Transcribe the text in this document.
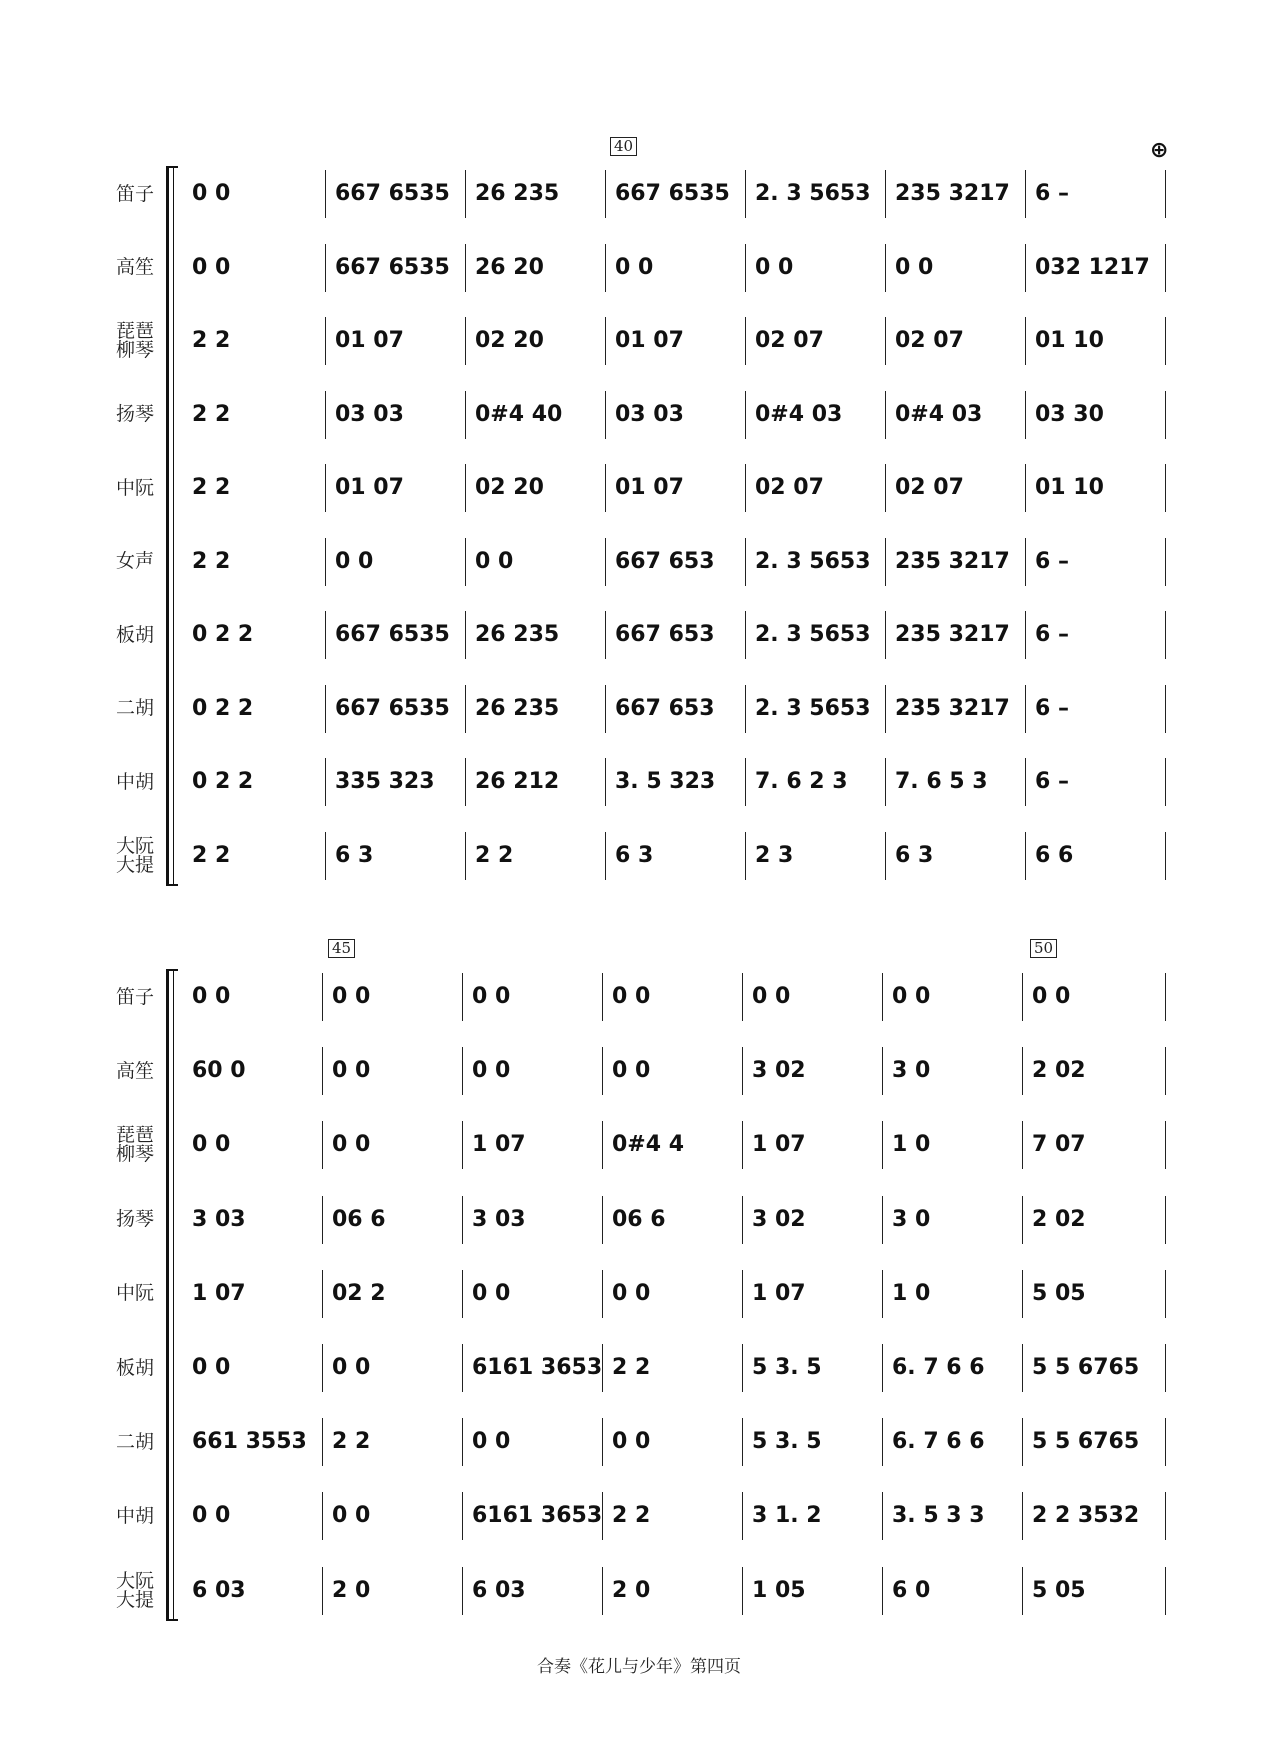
40
笛子
高笙
琵琶
柳琴
扬琴
中阮
女声
板胡
二胡
中胡
大阮
大提
0 0
0 0
2 2
2 2
2 2
2 2
0 2 2
0 2 2
0 2 2
2 2
667 6535
667 6535
01 07
03 03
01 07
0 0
667 6535
667 6535
335 323
6 3
26 235
26 20
02 20
0#4 40
02 20
0 0
26 235
26 235
26 212
2 2
667 6535
0 0
01 07
03 03
01 07
667 653
667 653
667 653
3. 5 323
6 3
2. 3 5653
0 0
02 07
0#4 03
02 07
2. 3 5653
2. 3 5653
2. 3 5653
7. 6 2 3
2 3
235 3217
0 0
02 07
0#4 03
02 07
235 3217
235 3217
235 3217
7. 6 5 3
6 3
6 –
032 1217
01 10
03 30
01 10
6 –
6 –
6 –
6 –
6 6
45	50
笛子
高笙
琵琶
柳琴
扬琴
中阮
板胡
二胡
中胡
大阮
大提
0 0
60 0
0 0
3 03
1 07
0 0
661 3553
0 0
6 03
0 0
0 0
0 0
06 6
02 2
0 0
2 2
0 0
2 0
0 0
0 0
1 07
3 03
0 0
6161 3653
0 0
6161 3653
6 03
0 0
0 0
0#4 4
06 6
0 0
2 2
0 0
2 2
2 0
0 0
3 02
1 07
3 02
1 07
5 3. 5
5 3. 5
3 1. 2
1 05
0 0
3 0
1 0
3 0
1 0
6. 7 6 6
6. 7 6 6
3. 5 3 3
6 0
0 0
2 02
7 07
2 02
5 05
5 5 6765
5 5 6765
2 2 3532
5 05
⊕
合奏《花儿与少年》第四页
